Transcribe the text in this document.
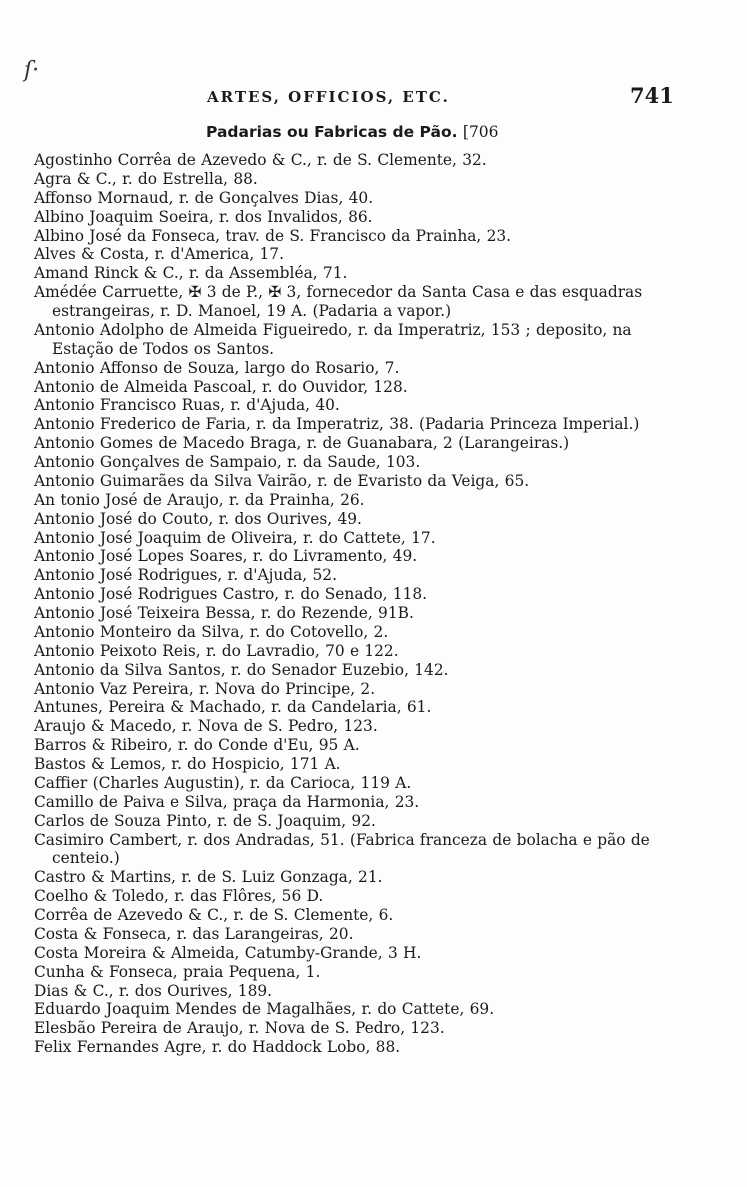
ſ·
ARTES, OFFICIOS, ETC.	741
Padarias ou Fabricas de Pão. [706
Agostinho Corrêa de Azevedo & C., r. de S. Clemente, 32.
Agra & C., r. do Estrella, 88.
Affonso Mornaud, r. de Gonçalves Dias, 40.
Albino Joaquim Soeira, r. dos Invalidos, 86.
Albino José da Fonseca, trav. de S. Francisco da Prainha, 23.
Alves & Costa, r. d'America, 17.
Amand Rinck & C., r. da Assembléa, 71.
Amédée Carruette, ✠ 3 de P., ✠ 3, fornecedor da Santa Casa e das esquadras estrangeiras, r. D. Manoel, 19 A. (Padaria a vapor.)
Antonio Adolpho de Almeida Figueiredo, r. da Imperatriz, 153 ; deposito, na Estação de Todos os Santos.
Antonio Affonso de Souza, largo do Rosario, 7.
Antonio de Almeida Pascoal, r. do Ouvidor, 128.
Antonio Francisco Ruas, r. d'Ajuda, 40.
Antonio Frederico de Faria, r. da Imperatriz, 38. (Padaria Princeza Imperial.)
Antonio Gomes de Macedo Braga, r. de Guanabara, 2 (Larangeiras.)
Antonio Gonçalves de Sampaio, r. da Saude, 103.
Antonio Guimarães da Silva Vairão, r. de Evaristo da Veiga, 65.
An tonio José de Araujo, r. da Prainha, 26.
Antonio José do Couto, r. dos Ourives, 49.
Antonio José Joaquim de Oliveira, r. do Cattete, 17.
Antonio José Lopes Soares, r. do Livramento, 49.
Antonio José Rodrigues, r. d'Ajuda, 52.
Antonio José Rodrigues Castro, r. do Senado, 118.
Antonio José Teixeira Bessa, r. do Rezende, 91B.
Antonio Monteiro da Silva, r. do Cotovello, 2.
Antonio Peixoto Reis, r. do Lavradio, 70 e 122.
Antonio da Silva Santos, r. do Senador Euzebio, 142.
Antonio Vaz Pereira, r. Nova do Principe, 2.
Antunes, Pereira & Machado, r. da Candelaria, 61.
Araujo & Macedo, r. Nova de S. Pedro, 123.
Barros & Ribeiro, r. do Conde d'Eu, 95 A.
Bastos & Lemos, r. do Hospicio, 171 A.
Caffier (Charles Augustin), r. da Carioca, 119 A.
Camillo de Paiva e Silva, praça da Harmonia, 23.
Carlos de Souza Pinto, r. de S. Joaquim, 92.
Casimiro Cambert, r. dos Andradas, 51. (Fabrica franceza de bolacha e pão de centeio.)
Castro & Martins, r. de S. Luiz Gonzaga, 21.
Coelho & Toledo, r. das Flôres, 56 D.
Corrêa de Azevedo & C., r. de S. Clemente, 6.
Costa & Fonseca, r. das Larangeiras, 20.
Costa Moreira & Almeida, Catumby-Grande, 3 H.
Cunha & Fonseca, praia Pequena, 1.
Dias & C., r. dos Ourives, 189.
Eduardo Joaquim Mendes de Magalhães, r. do Cattete, 69.
Elesbão Pereira de Araujo, r. Nova de S. Pedro, 123.
Felix Fernandes Agre, r. do Haddock Lobo, 88.
